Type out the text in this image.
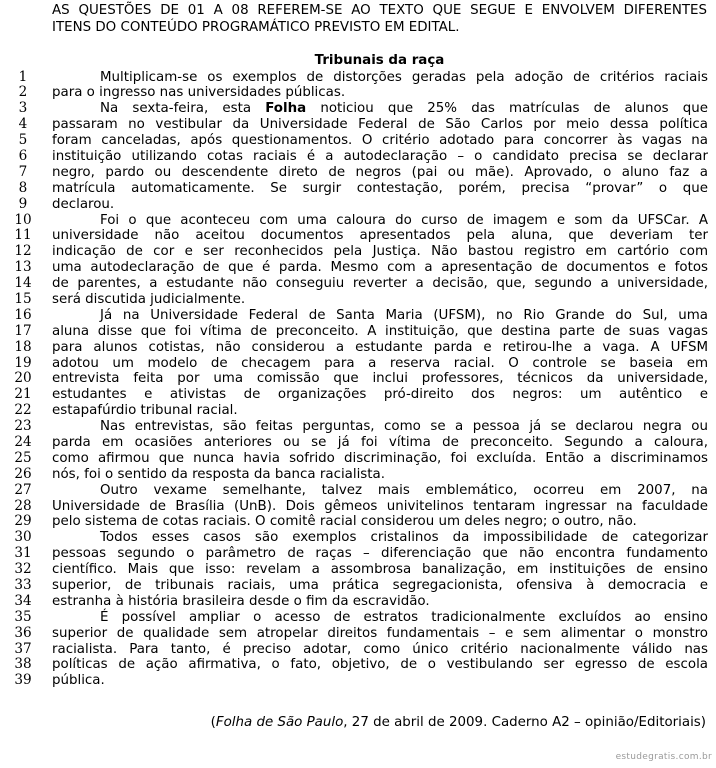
AS QUESTÕES DE 01 A 08 REFEREM-SE AO TEXTO QUE SEGUE E ENVOLVEM DIFERENTES
ITENS DO CONTEÚDO PROGRAMÁTICO PREVISTO EM EDITAL.
Tribunais da raça
1	Multiplicam-se os exemplos de distorções geradas pela adoção de critérios raciais
2	para o ingresso nas universidades públicas.
3	Na sexta-feira, esta Folha noticiou que 25% das matrículas de alunos que
4	passaram no vestibular da Universidade Federal de São Carlos por meio dessa política
5	foram canceladas, após questionamentos. O critério adotado para concorrer às vagas na
6	instituição utilizando cotas raciais é a autodeclaração – o candidato precisa se declarar
7	negro, pardo ou descendente direto de negros (pai ou mãe). Aprovado, o aluno faz a
8	matrícula automaticamente. Se surgir contestação, porém, precisa “provar” o que
9	declarou.
10	Foi o que aconteceu com uma caloura do curso de imagem e som da UFSCar. A
11	universidade não aceitou documentos apresentados pela aluna, que deveriam ter
12	indicação de cor e ser reconhecidos pela Justiça. Não bastou registro em cartório com
13	uma autodeclaração de que é parda. Mesmo com a apresentação de documentos e fotos
14	de parentes, a estudante não conseguiu reverter a decisão, que, segundo a universidade,
15	será discutida judicialmente.
16	Já na Universidade Federal de Santa Maria (UFSM), no Rio Grande do Sul, uma
17	aluna disse que foi vítima de preconceito. A instituição, que destina parte de suas vagas
18	para alunos cotistas, não considerou a estudante parda e retirou-lhe a vaga. A UFSM
19	adotou um modelo de checagem para a reserva racial. O controle se baseia em
20	entrevista feita por uma comissão que inclui professores, técnicos da universidade,
21	estudantes e ativistas de organizações pró-direito dos negros: um autêntico e
22	estapafúrdio tribunal racial.
23	Nas entrevistas, são feitas perguntas, como se a pessoa já se declarou negra ou
24	parda em ocasiões anteriores ou se já foi vítima de preconceito. Segundo a caloura,
25	como afirmou que nunca havia sofrido discriminação, foi excluída. Então a discriminamos
26	nós, foi o sentido da resposta da banca racialista.
27	Outro vexame semelhante, talvez mais emblemático, ocorreu em 2007, na
28	Universidade de Brasília (UnB). Dois gêmeos univitelinos tentaram ingressar na faculdade
29	pelo sistema de cotas raciais. O comitê racial considerou um deles negro; o outro, não.
30	Todos esses casos são exemplos cristalinos da impossibilidade de categorizar
31	pessoas segundo o parâmetro de raças – diferenciação que não encontra fundamento
32	científico. Mais que isso: revelam a assombrosa banalização, em instituições de ensino
33	superior, de tribunais raciais, uma prática segregacionista, ofensiva à democracia e
34	estranha à história brasileira desde o fim da escravidão.
35	É possível ampliar o acesso de estratos tradicionalmente excluídos ao ensino
36	superior de qualidade sem atropelar direitos fundamentais – e sem alimentar o monstro
37	racialista. Para tanto, é preciso adotar, como único critério nacionalmente válido nas
38	políticas de ação afirmativa, o fato, objetivo, de o vestibulando ser egresso de escola
39	pública.
(Folha de São Paulo, 27 de abril de 2009. Caderno A2 – opinião/Editoriais)
estudegratis.com.br
